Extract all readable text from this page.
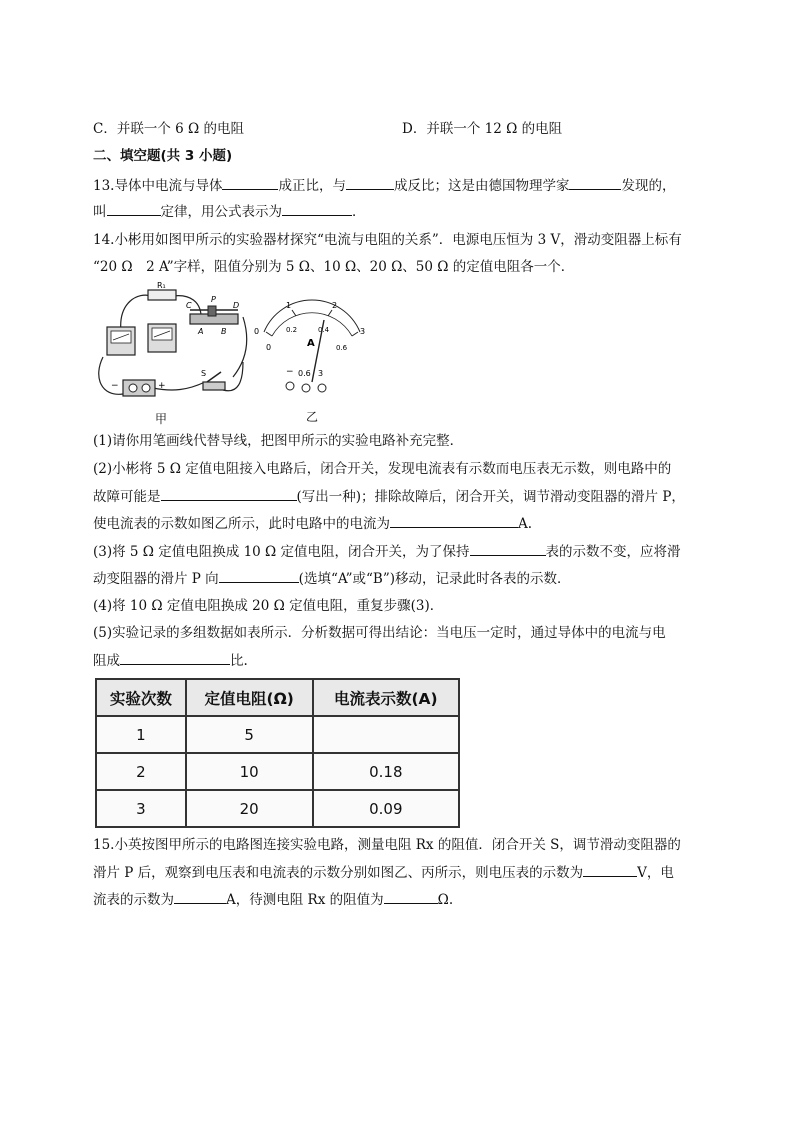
C．并联一个 6 Ω 的电阻	D．并联一个 12 Ω 的电阻
二、填空题(共 3 小题)
13.导体中电流与导体	成正比，与	成反比；这是由德国物理学家	发现的，
叫	定律，用公式表示为	．
14.小彬用如图甲所示的实验器材探究“电流与电阻的关系”．电源电压恒为 3 V，滑动变阻器上标有
“20 Ω　2 A”字样，阻值分别为 5 Ω、10 Ω、20 Ω、50 Ω 的定值电阻各一个．
R₁
C
P
D
A B
−	+
S
甲
0
1	2
3
0
0.2	0.4
0.6
A
− 0.6 3
乙
(1)请你用笔画线代替导线，把图甲所示的实验电路补充完整．
(2)小彬将 5 Ω 定值电阻接入电路后，闭合开关，发现电流表有示数而电压表无示数，则电路中的
故障可能是	(写出一种)；排除故障后，闭合开关，调节滑动变阻器的滑片 P，
使电流表的示数如图乙所示，此时电路中的电流为	A.
(3)将 5 Ω 定值电阻换成 10 Ω 定值电阻，闭合开关，为了保持	表的示数不变，应将滑
动变阻器的滑片 P 向	(选填“A”或“B”)移动，记录此时各表的示数．
(4)将 10 Ω 定值电阻换成 20 Ω 定值电阻，重复步骤(3)．
(5)实验记录的多组数据如表所示．分析数据可得出结论：当电压一定时，通过导体中的电流与电
阻成	比.
实验次数	定值电阻(Ω)	电流表示数(A)
1	5	
2	10	0.18
3	20	0.09
15.小英按图甲所示的电路图连接实验电路，测量电阻 Rx 的阻值．闭合开关 S，调节滑动变阻器的
滑片 P 后，观察到电压表和电流表的示数分别如图乙、丙所示，则电压表的示数为	V，电
流表的示数为	A，待测电阻 Rx 的阻值为	Ω.
